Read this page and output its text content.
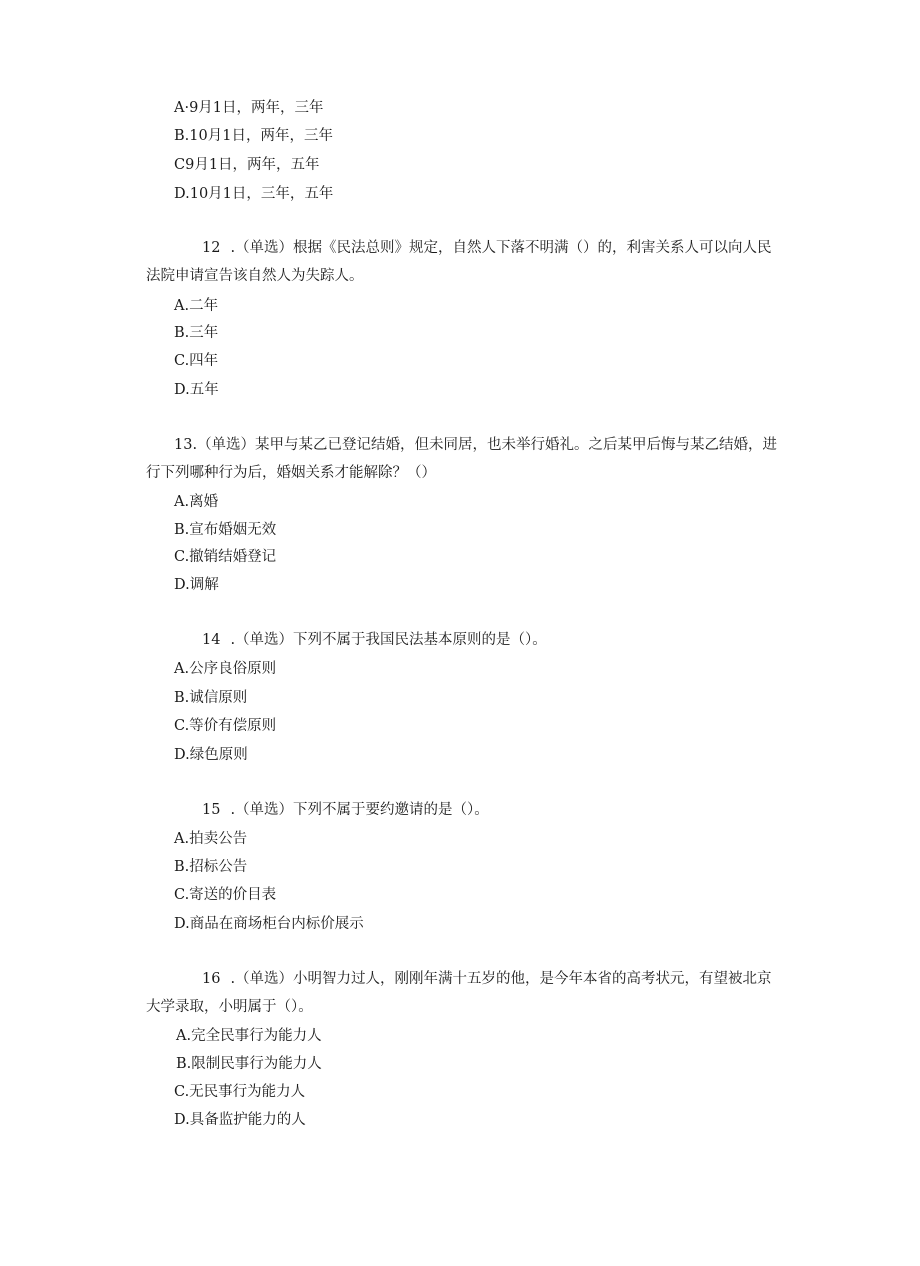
A·9月1日，两年，三年
B.10月1日，两年，三年
C9月1日，两年，五年
D.10月1日，三年，五年
12 .（单选）根据《民法总则》规定，自然人下落不明满（）的，利害关系人可以向人民法院申请宣告该自然人为失踪人。
A.二年
B.三年
C.四年
D.五年
13.（单选）某甲与某乙已登记结婚，但未同居，也未举行婚礼。之后某甲后悔与某乙结婚，进行下列哪种行为后，婚姻关系才能解除？（）
A.离婚
B.宣布婚姻无效
C.撤销结婚登记
D.调解
14 .（单选）下列不属于我国民法基本原则的是（）。
A.公序良俗原则
B.诚信原则
C.等价有偿原则
D.绿色原则
15 .（单选）下列不属于要约邀请的是（）。
A.拍卖公告
B.招标公告
C.寄送的价目表
D.商品在商场柜台内标价展示
16 .（单选）小明智力过人，刚刚年满十五岁的他，是今年本省的高考状元，有望被北京大学录取，小明属于（）。
A.完全民事行为能力人
B.限制民事行为能力人
C.无民事行为能力人
D.具备监护能力的人
